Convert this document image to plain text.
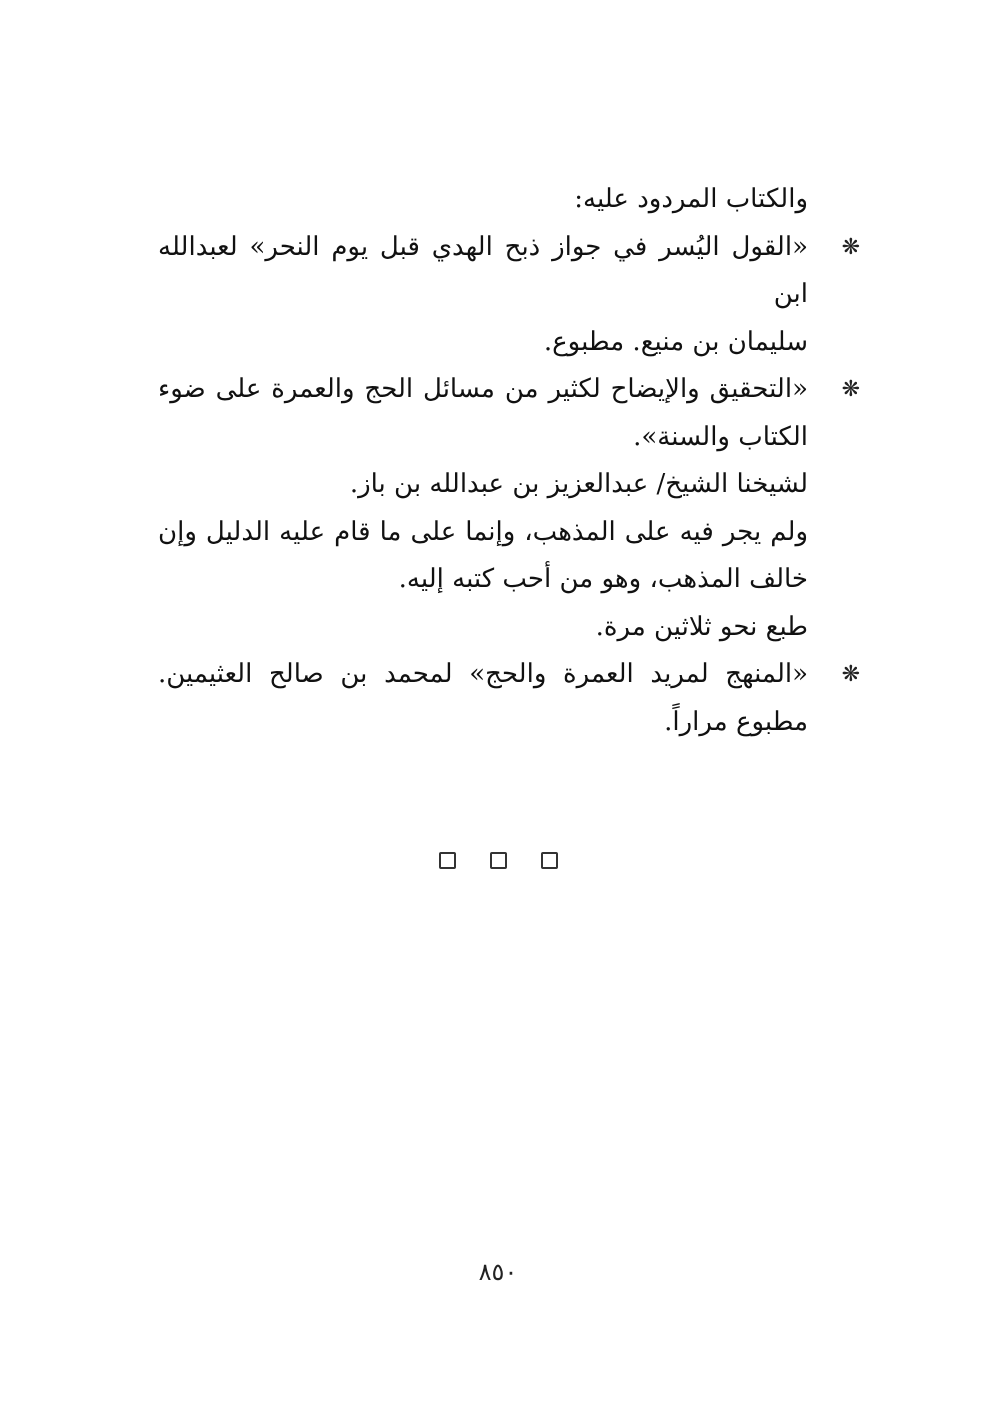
والكتاب المردود عليه:

❋

«القول اليُسر في جواز ذبح الهدي قبل يوم النحر» لعبدالله ابن

سليمان بن منيع. مطبوع.

❋

«التحقيق والإيضاح لكثير من مسائل الحج والعمرة على ضوء

الكتاب والسنة».

لشيخنا الشيخ/ عبدالعزيز بن عبدالله بن باز.

ولم يجر فيه على المذهب، وإنما على ما قام عليه الدليل وإن

خالف المذهب، وهو من أحب كتبه إليه.

طبع نحو ثلاثين مرة.

❋

«المنهج لمريد العمرة والحج» لمحمد بن صالح العثيمين.

مطبوع مراراً.

٨٥٠
